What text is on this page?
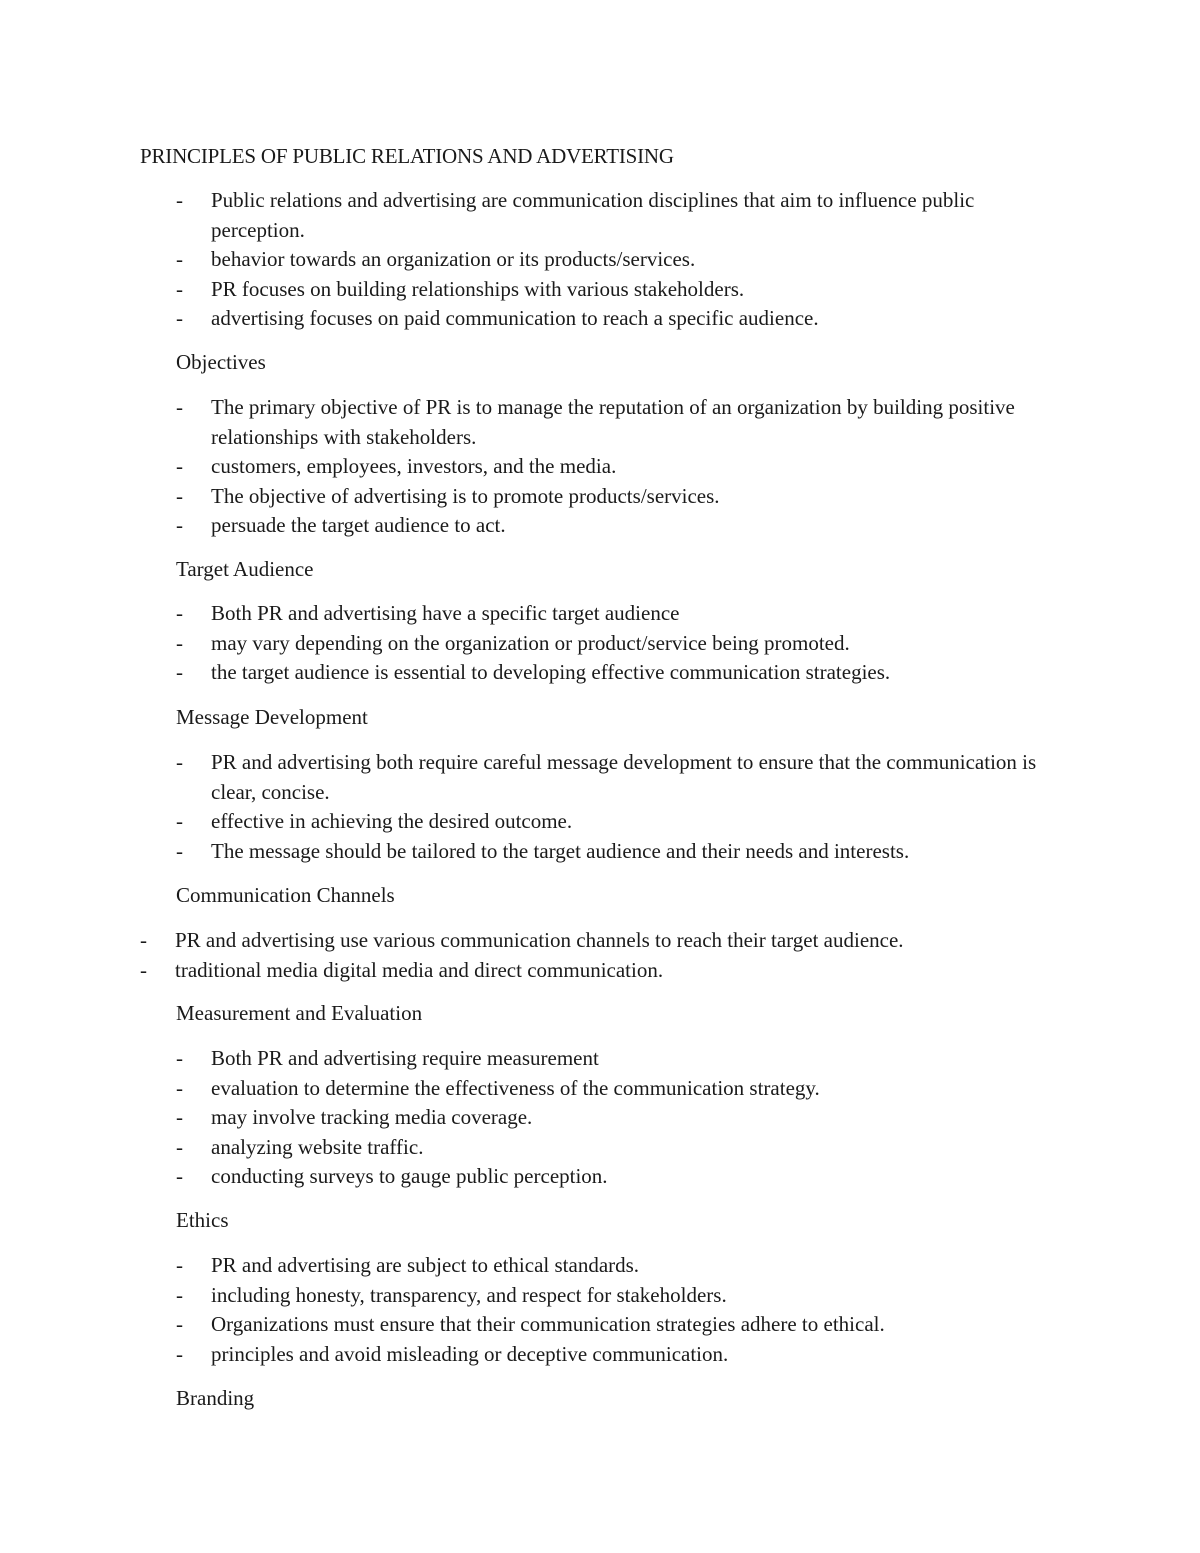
PRINCIPLES OF PUBLIC RELATIONS AND ADVERTISING
- Public relations and advertising are communication disciplines that aim to influence public perception.
- behavior towards an organization or its products/services.
- PR focuses on building relationships with various stakeholders.
- advertising focuses on paid communication to reach a specific audience.
Objectives
- The primary objective of PR is to manage the reputation of an organization by building positive relationships with stakeholders.
- customers, employees, investors, and the media.
- The objective of advertising is to promote products/services.
- persuade the target audience to act.
Target Audience
- Both PR and advertising have a specific target audience
- may vary depending on the organization or product/service being promoted.
- the target audience is essential to developing effective communication strategies.
Message Development
- PR and advertising both require careful message development to ensure that the communication is clear, concise.
- effective in achieving the desired outcome.
- The message should be tailored to the target audience and their needs and interests.
Communication Channels
- PR and advertising use various communication channels to reach their target audience.
- traditional media digital media and direct communication.
Measurement and Evaluation
- Both PR and advertising require measurement
- evaluation to determine the effectiveness of the communication strategy.
- may involve tracking media coverage.
- analyzing website traffic.
- conducting surveys to gauge public perception.
Ethics
- PR and advertising are subject to ethical standards.
- including honesty, transparency, and respect for stakeholders.
- Organizations must ensure that their communication strategies adhere to ethical.
- principles and avoid misleading or deceptive communication.
Branding
